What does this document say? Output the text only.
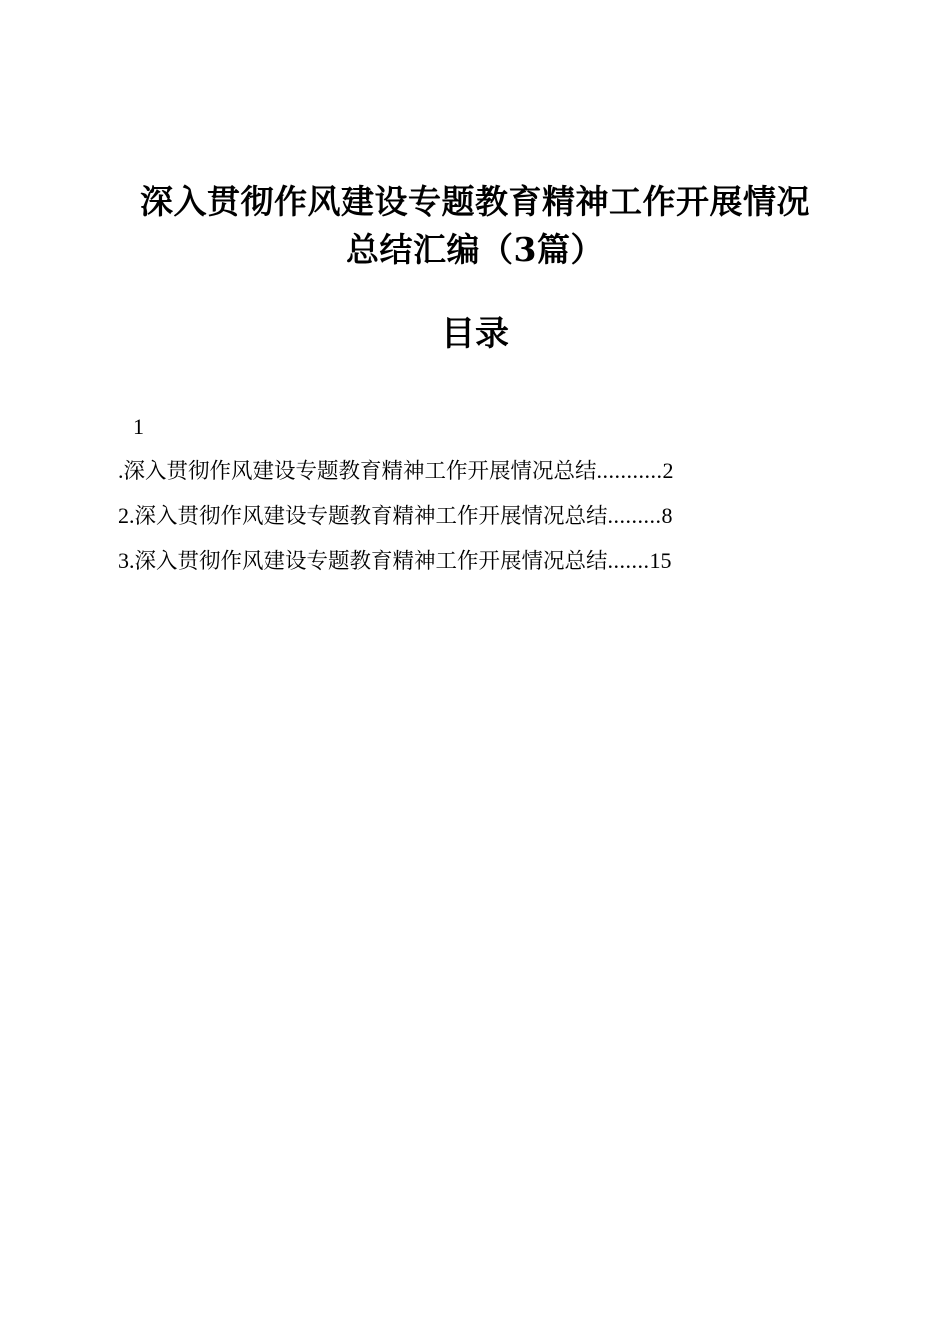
深入贯彻作风建设专题教育精神工作开展情况
总结汇编（3篇）
目录
1
. 深入贯彻作风建设专题教育精神工作开展情况总结 ........... 2
2. 深入贯彻作风建设专题教育精神工作开展情况总结 ......... 8
3. 深入贯彻作风建设专题教育精神工作开展情况总结 ....... 15
